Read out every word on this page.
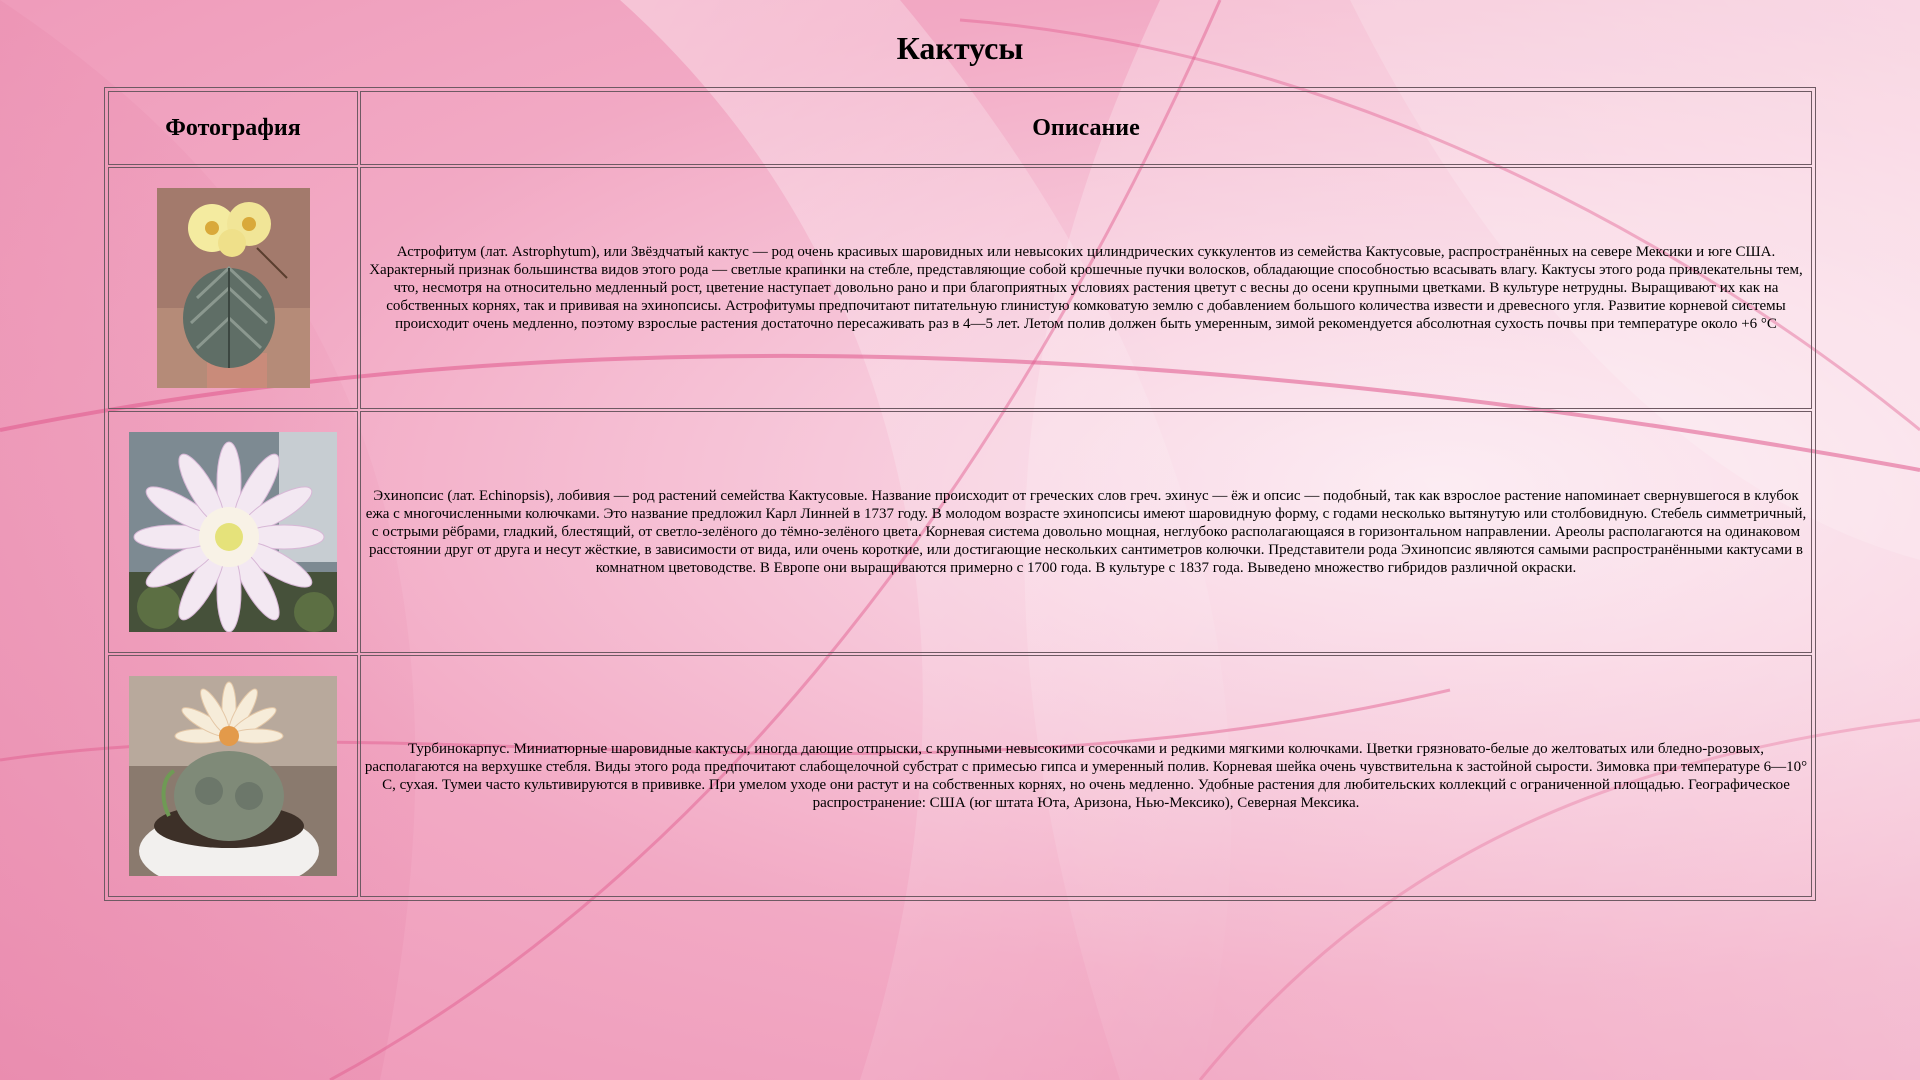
Кактусы
Фотография	Описание

	Астрофитум (лат. Astrophytum), или Звёздчатый кактус — род очень красивых шаровидных или невысоких цилиндрических суккулентов из семейства Кактусовые, распространённых на севере Мексики и юге США. Характерный признак большинства видов этого рода — светлые крапинки на стебле, представляющие собой крошечные пучки волосков, обладающие способностью всасывать влагу. Кактусы этого рода привлекательны тем, что, несмотря на относительно медленный рост, цветение наступает довольно рано и при благоприятных условиях растения цветут с весны до осени крупными цветками. В культуре нетрудны. Выращивают их как на собственных корнях, так и прививая на эхинопсисы. Астрофитумы предпочитают питательную глинистую комковатую землю с добавлением большого количества извести и древесного угля. Развитие корневой системы происходит очень медленно, поэтому взрослые растения достаточно пересаживать раз в 4—5 лет. Летом полив должен быть умеренным, зимой рекомендуется абсолютная сухость почвы при температуре около +6 °C

	Эхинопсис (лат. Echinopsis), лобивия — род растений семейства Кактусовые. Название происходит от греческих слов греч. эхинус — ёж и опсис — подобный, так как взрослое растение напоминает свернувшегося в клубок ежа с многочисленными колючками. Это название предложил Карл Линней в 1737 году. В молодом возрасте эхинопсисы имеют шаровидную форму, с годами несколько вытянутую или столбовидную. Стебель симметричный, с острыми рёбрами, гладкий, блестящий, от светло-зелёного до тёмно-зелёного цвета. Корневая система довольно мощная, неглубоко располагающаяся в горизонтальном направлении. Ареолы располагаются на одинаковом расстоянии друг от друга и несут жёсткие, в зависимости от вида, или очень короткие, или достигающие нескольких сантиметров колючки. Представители рода Эхинопсис являются самыми распространёнными кактусами в комнатном цветоводстве. В Европе они выращиваются примерно с 1700 года. В культуре с 1837 года. Выведено множество гибридов различной окраски.

	Турбинокарпус. Миниатюрные шаровидные кактусы, иногда дающие отпрыски, с крупными невысокими сосочками и редкими мягкими колючками. Цветки грязновато-белые до желтоватых или бледно-розовых, располагаются на верхушке стебля. Виды этого рода предпочитают слабощелочной субстрат с примесью гипса и умеренный полив. Корневая шейка очень чувствительна к застойной сырости. Зимовка при температуре 6—10° C, сухая. Тумеи часто культивируются в прививке. При умелом уходе они растут и на собственных корнях, но очень медленно. Удобные растения для любительских коллекций с ограниченной площадью. Географическое распространение: США (юг штата Юта, Аризона, Нью-Мексико), Северная Мексика.
